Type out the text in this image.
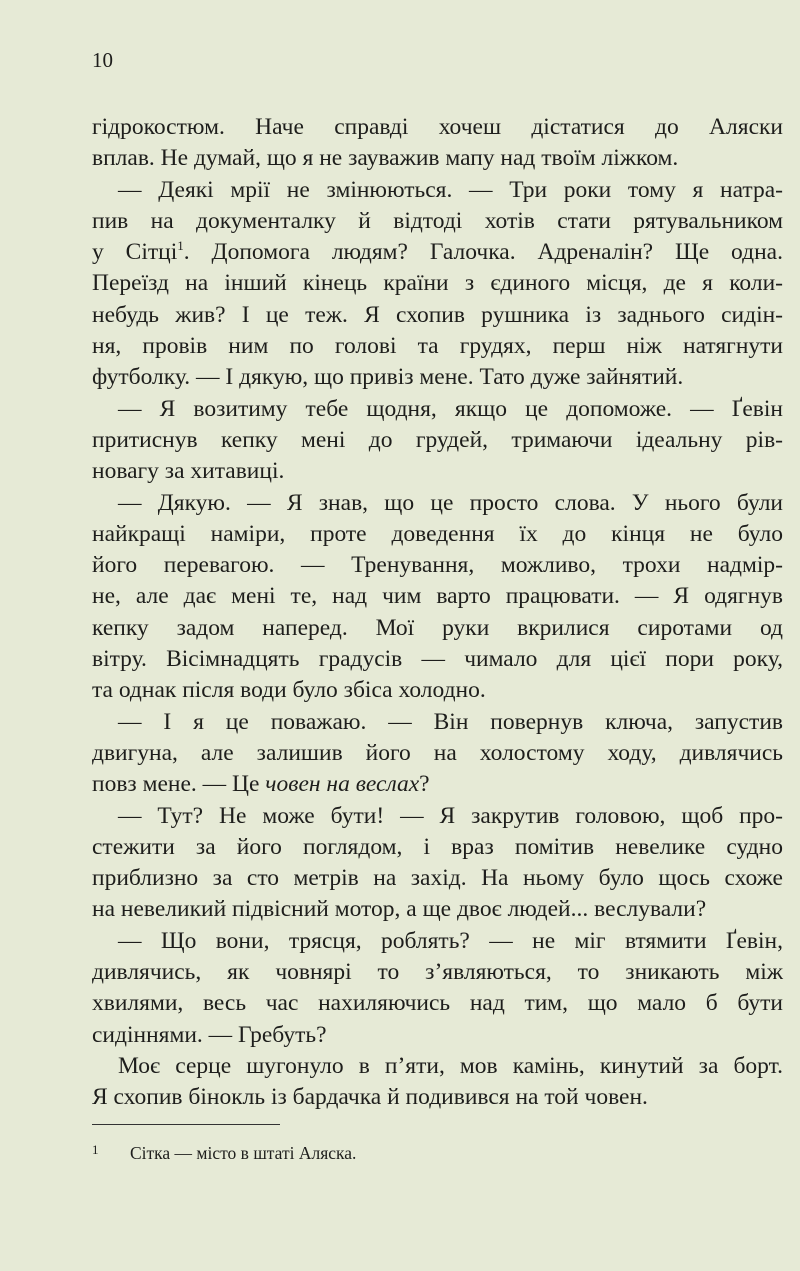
10
гідрокостюм. Наче справді хочеш дістатися до Аляски
вплав. Не думай, що я не зауважив мапу над твоїм ліжком.
— Деякі мрії не змінюються. — Три роки тому я натра-
пив на документалку й відтоді хотів стати рятувальником
у Сітці$^1$. Допомога людям? Галочка. Адреналін? Ще одна.
Переїзд на інший кінець країни з єдиного місця, де я коли-
небудь жив? І це теж. Я схопив рушника із заднього сидін-
ня, провів ним по голові та грудях, перш ніж натягнути
футболку. — І дякую, що привіз мене. Тато дуже зайнятий.
— Я возитиму тебе щодня, якщо це допоможе. — Ґевін
притиснув кепку мені до грудей, тримаючи ідеальну рів-
новагу за хитавиці.
— Дякую. — Я знав, що це просто слова. У нього були
найкращі наміри, проте доведення їх до кінця не було
його перевагою. — Тренування, можливо, трохи надмір-
не, але дає мені те, над чим варто працювати. — Я одягнув
кепку задом наперед. Мої руки вкрилися сиротами од
вітру. Вісімнадцять градусів — чимало для цієї пори року,
та однак після води було збіса холодно.
— І я це поважаю. — Він повернув ключа, запустив
двигуна, але залишив його на холостому ходу, дивлячись
повз мене. — Це човен на веслах?
— Тут? Не може бути! — Я закрутив головою, щоб про-
стежити за його поглядом, і враз помітив невелике судно
приблизно за сто метрів на захід. На ньому було щось схоже
на невеликий підвісний мотор, а ще двоє людей... веслували?
— Що вони, трясця, роблять? — не міг втямити Ґевін,
дивлячись, як човнярі то з’являються, то зникають між
хвилями, весь час нахиляючись над тим, що мало б бути
сидіннями. — Гребуть?
Моє серце шугонуло в п’яти, мов камінь, кинутий за борт.
Я схопив бінокль із бардачка й подивився на той човен.
1 Сітка — місто в штаті Аляска.
